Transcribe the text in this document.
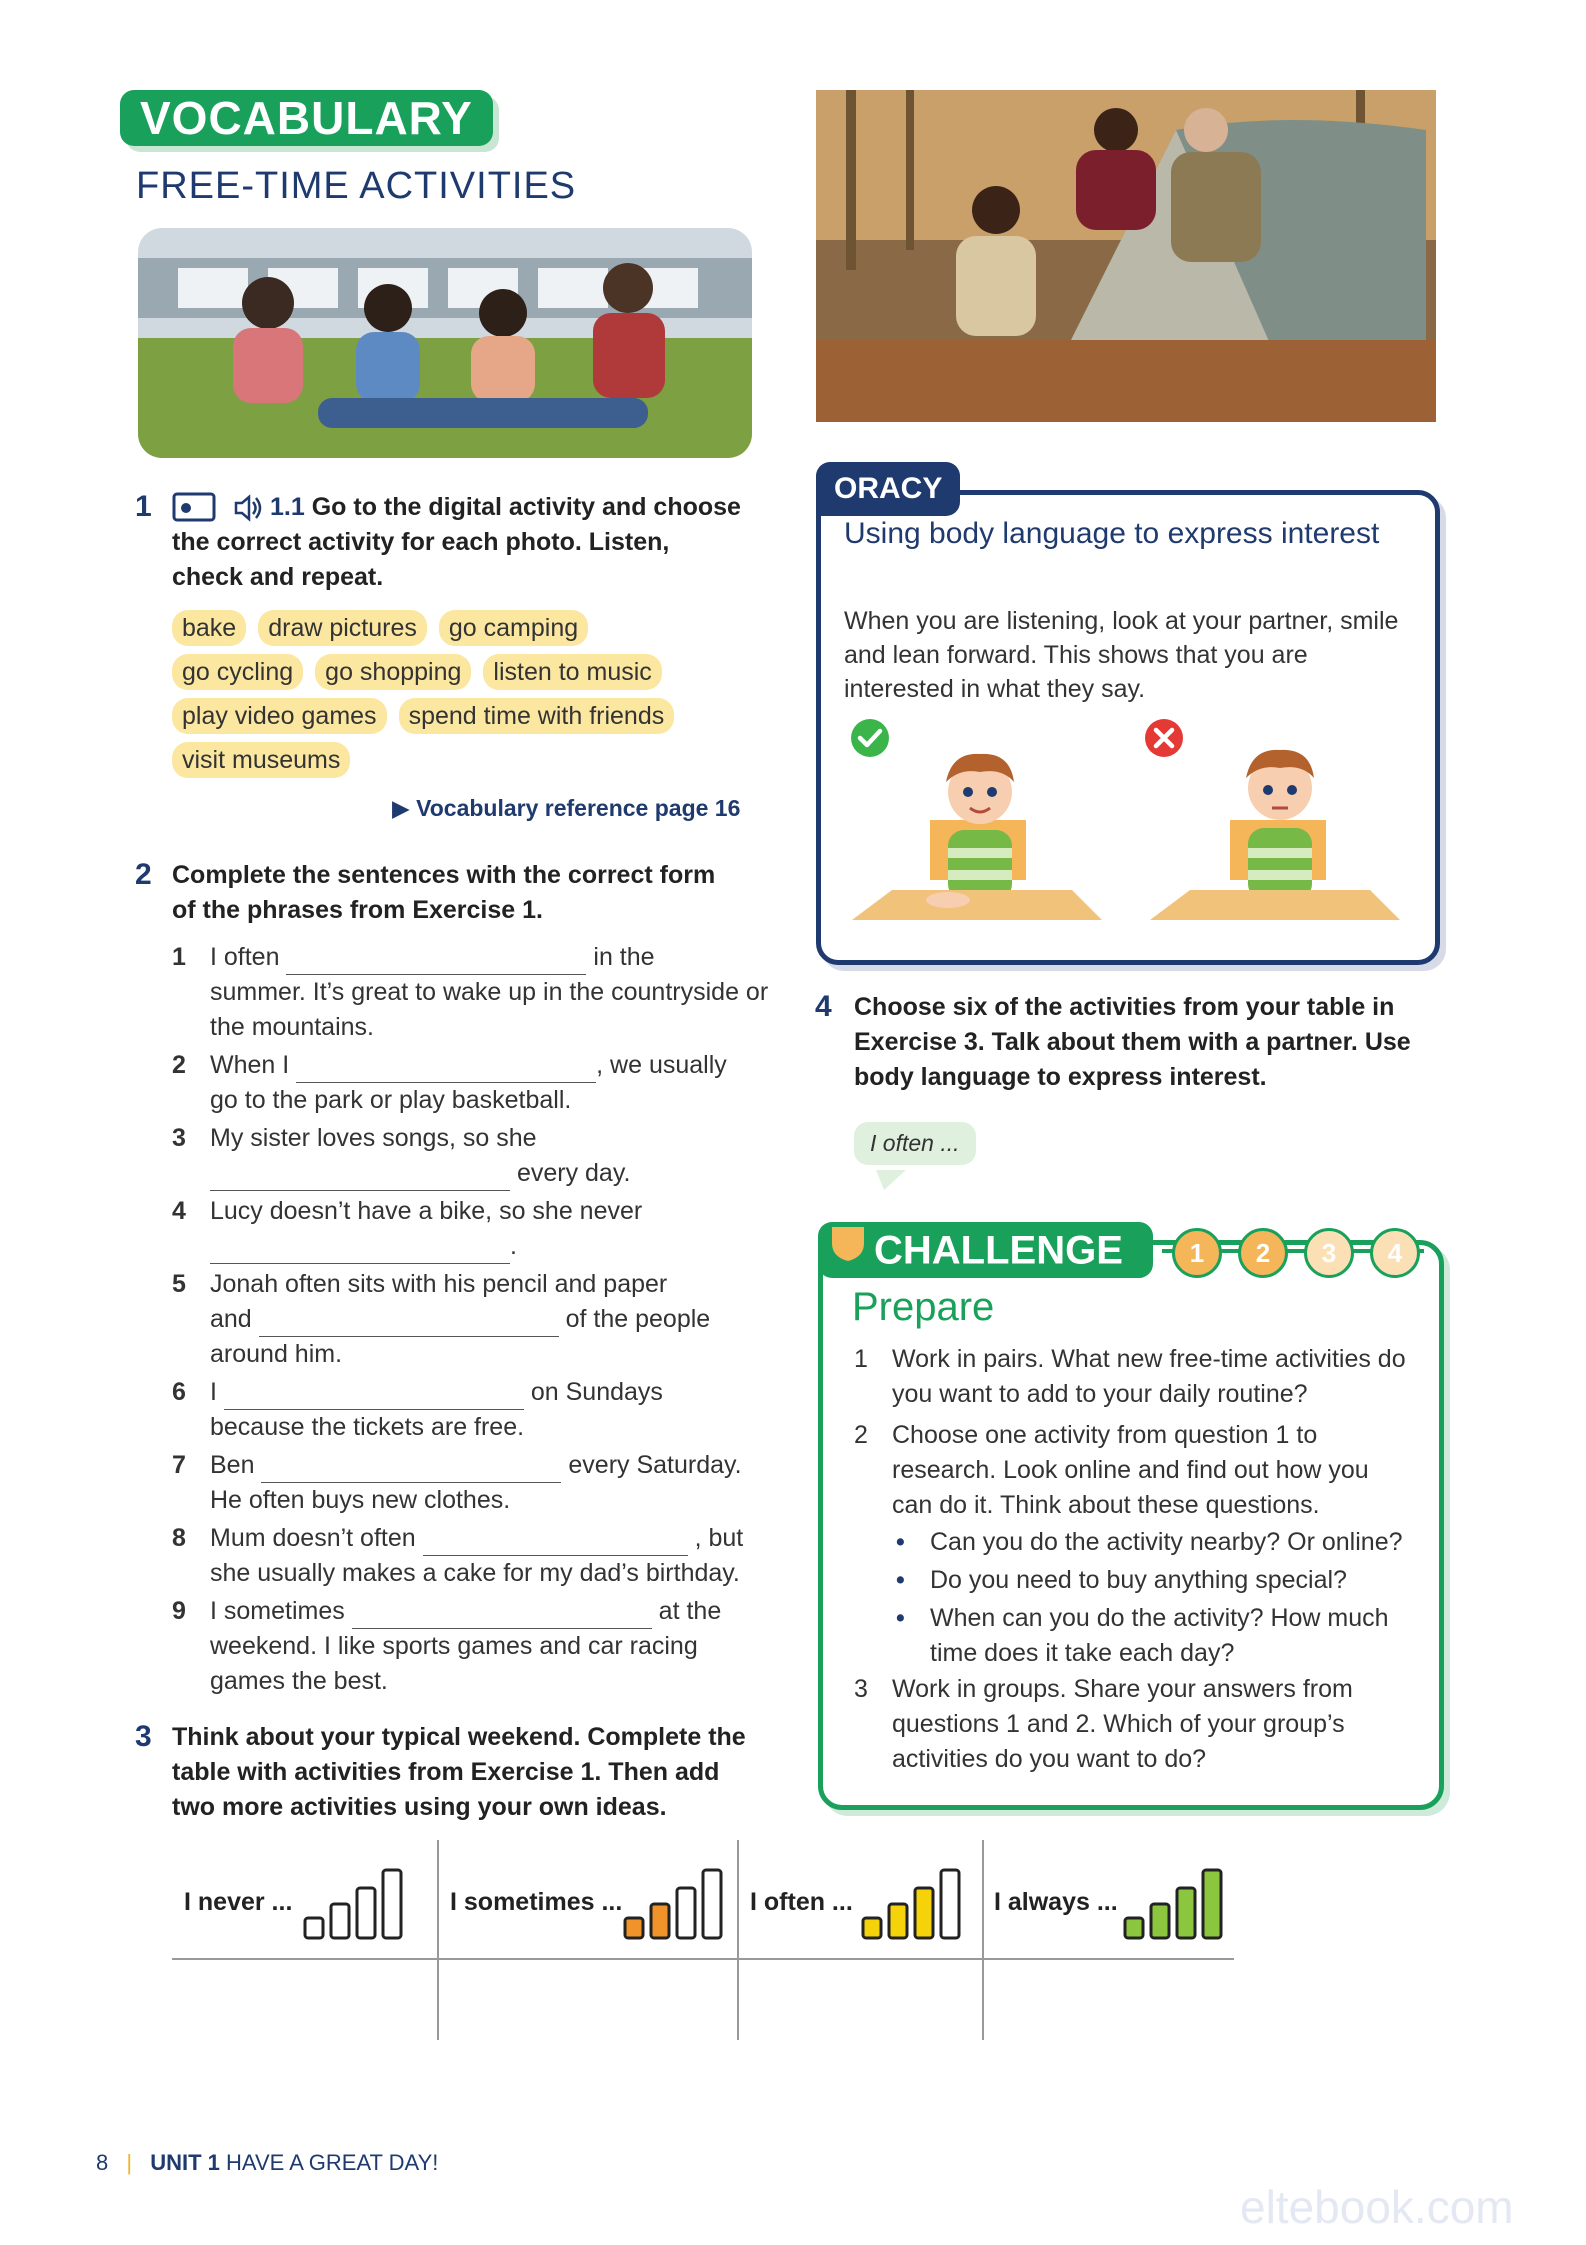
VOCABULARY
FREE-TIME ACTIVITIES
1	1.1 Go to the digital activity and choose the correct activity for each photo. Listen, check and repeat.
bake draw pictures go camping
go cycling go shopping listen to music
play video games spend time with friends
visit museums
▶ Vocabulary reference page 16
2 Complete the sentences with the correct form of the phrases from Exercise 1.
1 I often	in the
summer. It’s great to wake up in the countryside or the mountains.
2 When I	, we usually
go to the park or play basketball.
3 My sister loves songs, so she
every day.
4 Lucy doesn’t have a bike, so she never
.
5 Jonah often sits with his pencil and paper
and	of the people
around him.
6 I	on Sundays
because the tickets are free.
7 Ben	every Saturday.
He often buys new clothes.
8 Mum doesn’t often	, but
she usually makes a cake for my dad’s birthday.
9 I sometimes	at the
weekend. I like sports games and car racing games the best.
3 Think about your typical weekend. Complete the table with activities from Exercise 1. Then add two more activities using your own ideas.
I never ...	I sometimes ...	I often ...	I always ...
ORACY
Using body language to express interest
When you are listening, look at your partner, smile and lean forward. This shows that you are interested in what they say.
4 Choose six of the activities from your table in Exercise 3. Talk about them with a partner. Use body language to express interest.
I often ...
CHALLENGE	1	2	3	4
Prepare
1 Work in pairs. What new free-time activities do you want to add to your daily routine?
2 Choose one activity from question 1 to research. Look online and find out how you can do it. Think about these questions.
• Can you do the activity nearby? Or online?
• Do you need to buy anything special?
• When can you do the activity? How much time does it take each day?
3 Work in groups. Share your answers from questions 1 and 2. Which of your group’s activities do you want to do?
8 | UNIT 1 HAVE A GREAT DAY!
eltebook.com
